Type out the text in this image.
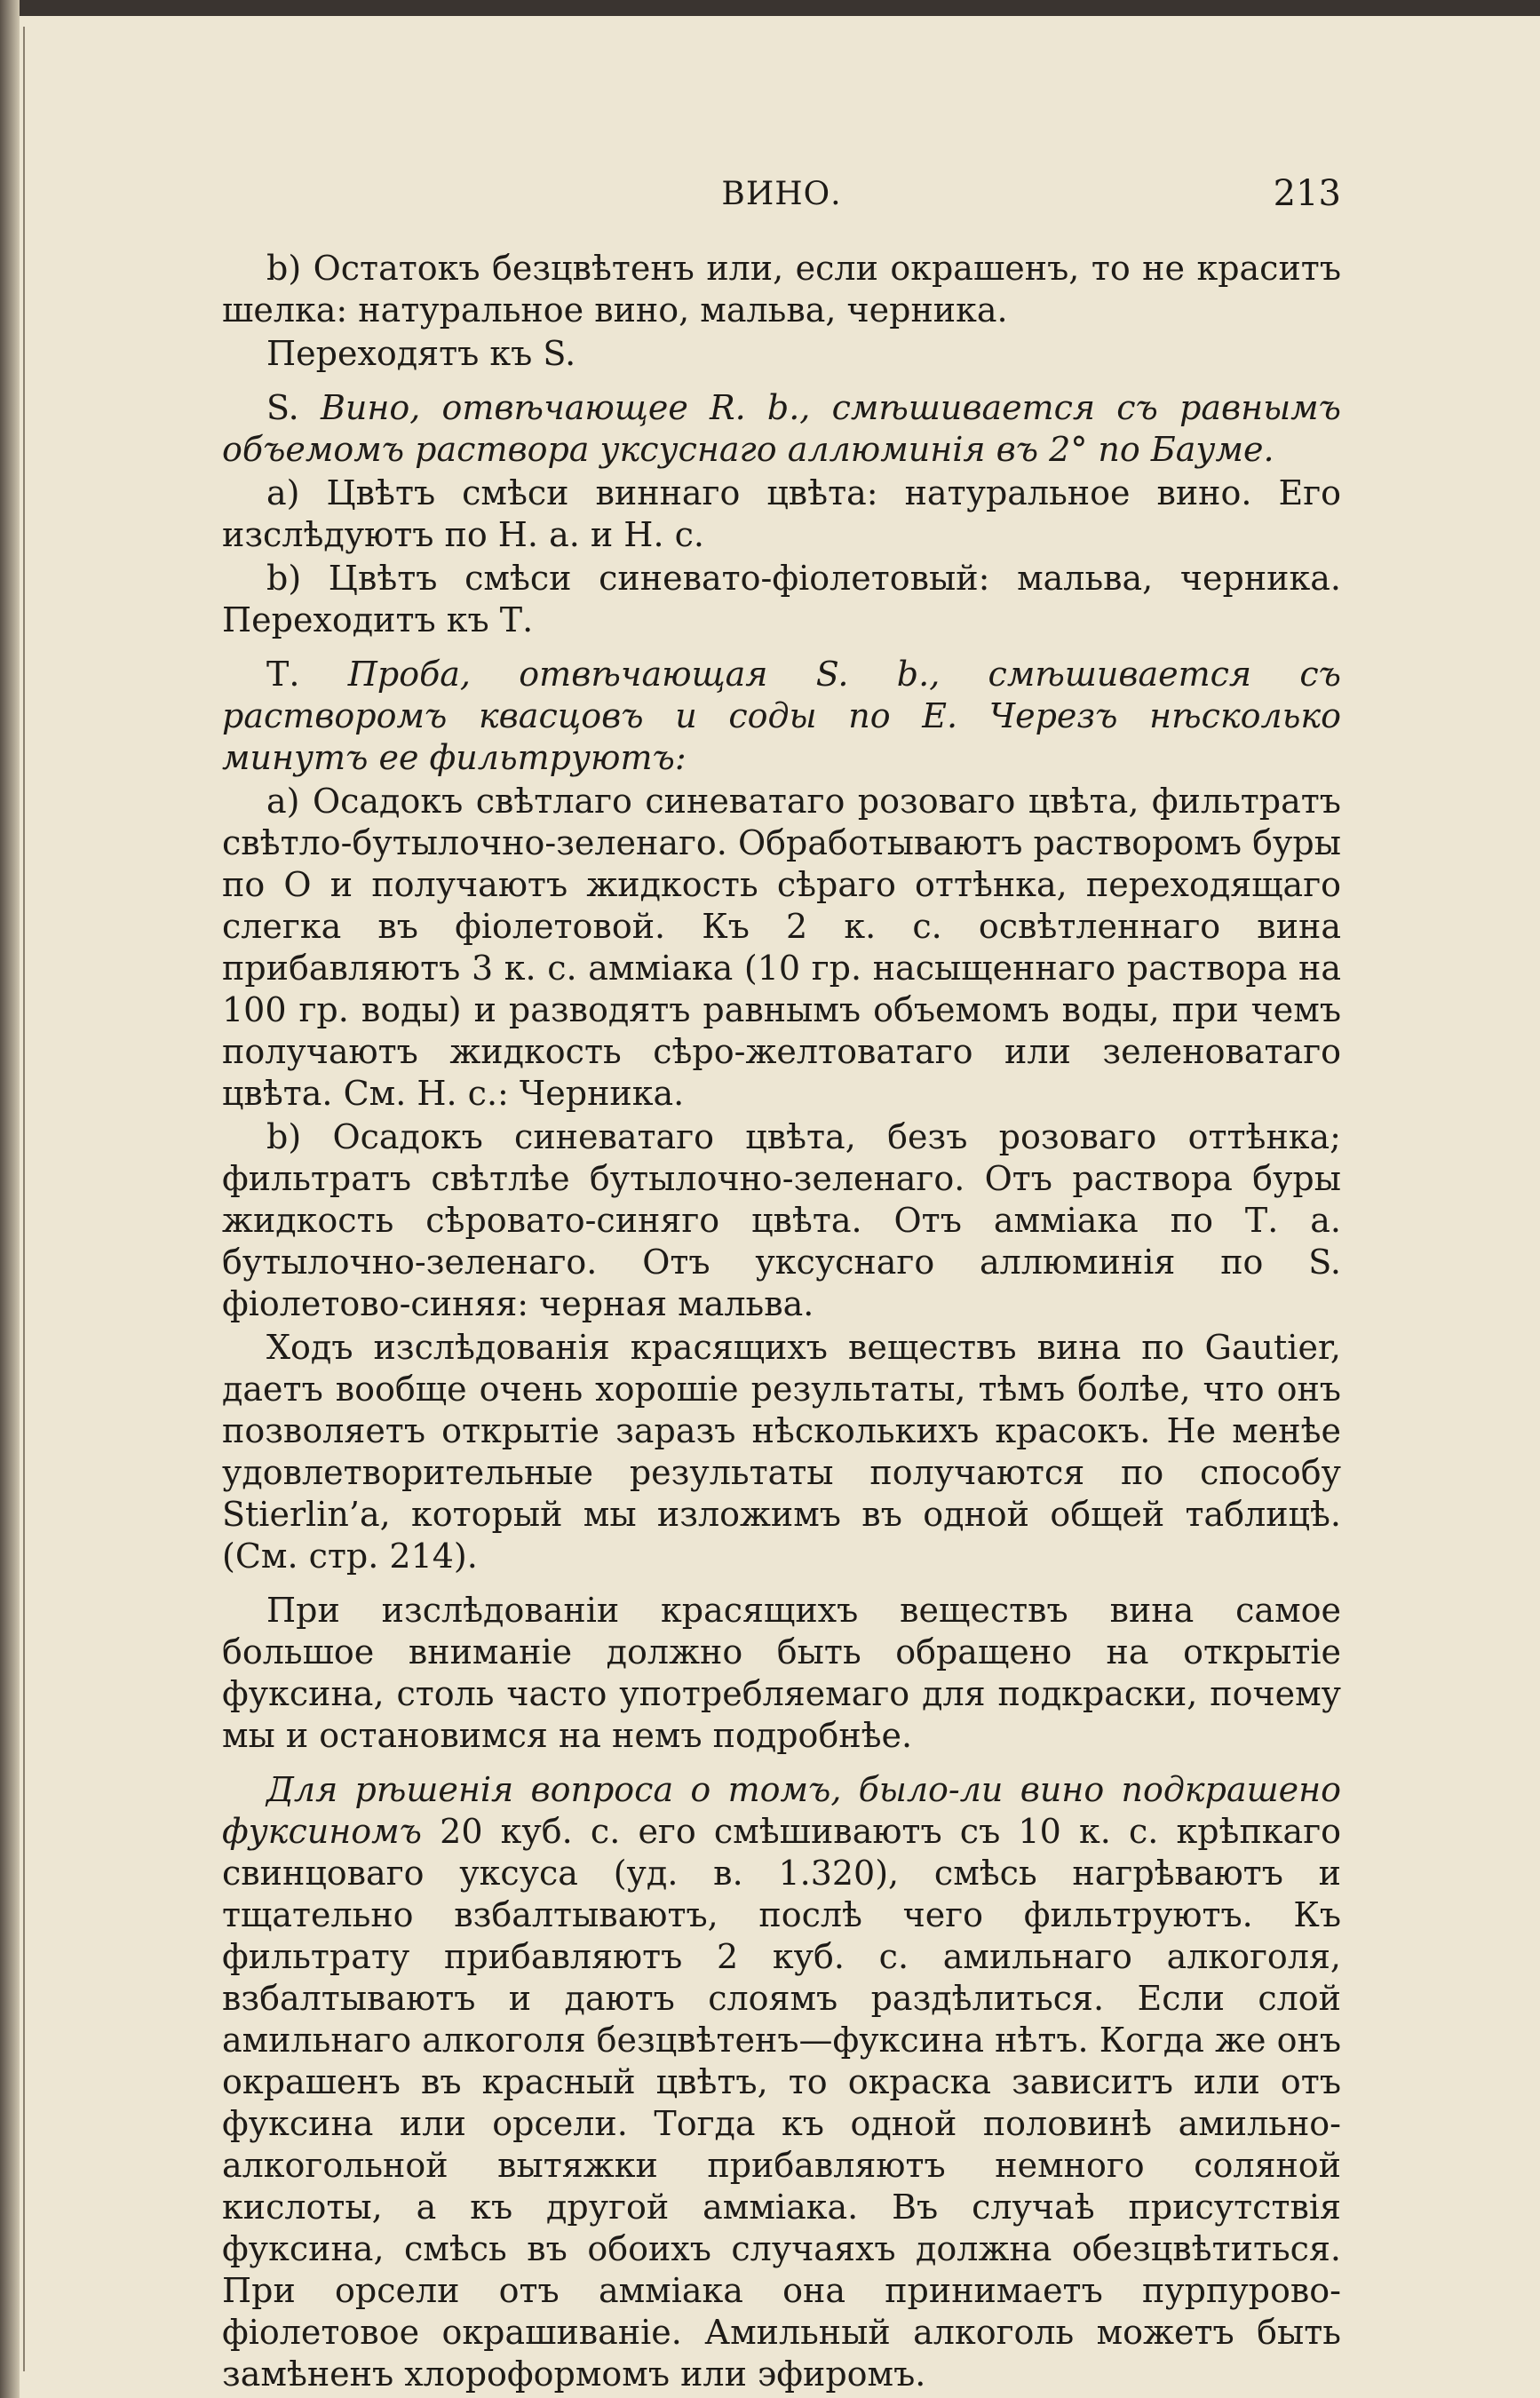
ВИНО.	213

b) Остатокъ безцвѣтенъ или, если окрашенъ, то не краситъ шелка: натуральное вино, мальва, черника.

Переходятъ къ S.

S. Вино, отвѣчающее R. b., смѣшивается съ равнымъ объемомъ раствора уксуснаго аллюминія въ 2° по Бауме.

а) Цвѣтъ смѣси виннаго цвѣта: натуральное вино. Его изслѣдуютъ по Н. а. и Н. с.

b) Цвѣтъ смѣси синевато-фіолетовый: мальва, черника. Переходитъ къ Т.

Т. Проба, отвѣчающая S. b., смѣшивается съ растворомъ квасцовъ и соды по Е. Черезъ нѣсколько минутъ ее фильтруютъ:

а) Осадокъ свѣтлаго синеватаго розоваго цвѣта, фильтратъ свѣтло-бутылочно-зеленаго. Обработываютъ растворомъ буры по О и получаютъ жидкость сѣраго оттѣнка, переходящаго слегка въ фіолетовой. Къ 2 к. с. освѣтленнаго вина прибавляютъ 3 к. с. амміака (10 гр. насыщеннаго раствора на 100 гр. воды) и разводятъ равнымъ объемомъ воды, при чемъ получаютъ жидкость сѣро-желтоватаго или зеленоватаго цвѣта. См. Н. с.: Черника.

b) Осадокъ синеватаго цвѣта, безъ розоваго оттѣнка; фильтратъ свѣтлѣе бутылочно-зеленаго. Отъ раствора буры жидкость сѣровато-синяго цвѣта. Отъ амміака по Т. а. бутылочно-зеленаго. Отъ уксуснаго аллюминія по S. фіолетово-синяя: черная мальва.

Ходъ изслѣдованія красящихъ веществъ вина по Gautier, даетъ вообще очень хорошіе результаты, тѣмъ болѣе, что онъ позволяетъ открытіе заразъ нѣсколькихъ красокъ. Не менѣе удовлетворительные результаты получаются по способу Stierlin’а, который мы изложимъ въ одной общей таблицѣ. (См. стр. 214).

При изслѣдованіи красящихъ веществъ вина самое большое вниманіе должно быть обращено на открытіе фуксина, столь часто употребляемаго для подкраски, почему мы и остановимся на немъ подробнѣе.

Для рѣшенія вопроса о томъ, было-ли вино подкрашено фуксиномъ 20 куб. с. его смѣшиваютъ съ 10 к. с. крѣпкаго свинцоваго уксуса (уд. в. 1.320), смѣсь нагрѣваютъ и тщательно взбалтываютъ, послѣ чего фильтруютъ. Къ фильтрату прибавляютъ 2 куб. с. амильнаго алкоголя, взбалтываютъ и даютъ слоямъ раздѣлиться. Если слой амильнаго алкоголя безцвѣтенъ—фуксина нѣтъ. Когда же онъ окрашенъ въ красный цвѣтъ, то окраска зависитъ или отъ фуксина или орсели. Тогда къ одной половинѣ амильно-алкогольной вытяжки прибавляютъ немного соляной кислоты, а къ другой амміака. Въ случаѣ присутствія фуксина, смѣсь въ обоихъ случаяхъ должна обезцвѣтиться. При орсели отъ амміака она принимаетъ пурпурово-фіолетовое окрашиваніе. Амильный алкоголь можетъ быть замѣненъ хлороформомъ или эфиромъ.
